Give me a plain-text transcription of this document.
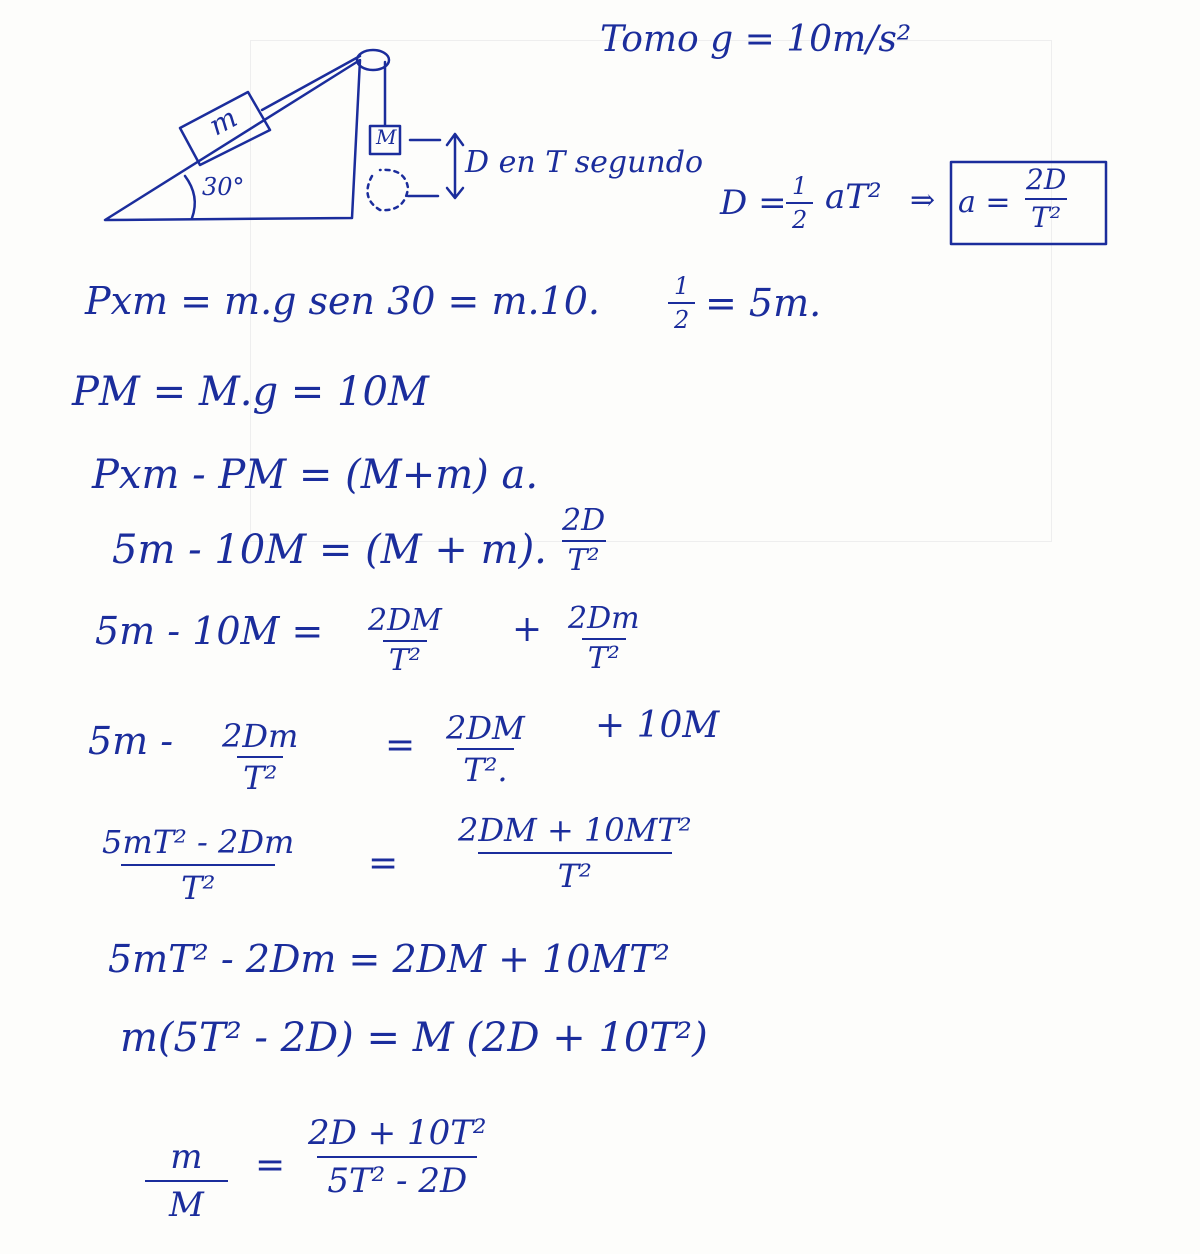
Tomo g = 10m/s²
m	M
30°
D en T segundo
$D = \frac{1}{2} aT^2$ ⇒ $a = \frac{2D}{\text{T²}}$
Pxm = m.g sen 30 = m.10.	$\frac{1}{2} = 5m$.
PM = M.g = 10M
Pxm - PM = (M+m) a.
5m - 10M = (M + m). $\frac{2D}{\text{T²}}$
$5m - 10M = \frac{2DM}{\text{T²}} + \frac{2Dm}{\text{T²}}$
$5m - \frac{2Dm}{\text{T²}} = \frac{2DM}{\text{T².}} + 10M$
$\frac{\text{5mT² - 2Dm}}{\text{T²}} = \frac{\text{2DM + 10MT²}}{\text{T²}}$
5mT² - 2Dm = 2DM + 10MT²
m(5T² - 2D) = M (2D + 10T²)
$\frac{m}{M} = \frac{\text{2D + 10T²}}{\text{5T² - 2D}}$
